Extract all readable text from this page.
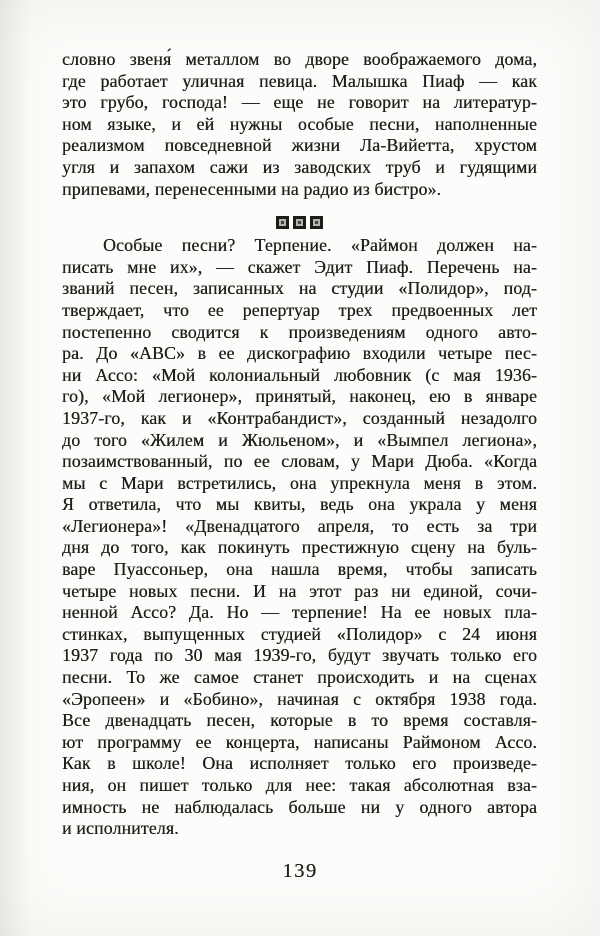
словно звеня́ металлом во дворе воображаемого дома,
где работает уличная певица. Малышка Пиаф — как
это грубо, господа! — еще не говорит на литератур-
ном языке, и ей нужны особые песни, наполненные
реализмом повседневной жизни Ла-Вийетта, хрустом
угля и запахом сажи из заводских труб и гудящими
припевами, перенесенными на радио из бистро».
Особые песни? Терпение. «Раймон должен на-
писать мне их», — скажет Эдит Пиаф. Перечень на-
званий песен, записанных на студии «Полидор», под-
тверждает, что ее репертуар трех предвоенных лет
постепенно сводится к произведениям одного авто-
ра. До «АВС» в ее дискографию входили четыре пес-
ни Ассо: «Мой колониальный любовник (с мая 1936-
го), «Мой легионер», принятый, наконец, ею в январе
1937-го, как и «Контрабандист», созданный незадолго
до того «Жилем и Жюльеном», и «Вымпел легиона»,
позаимствованный, по ее словам, у Мари Дюба. «Когда
мы с Мари встретились, она упрекнула меня в этом.
Я ответила, что мы квиты, ведь она украла у меня
«Легионера»! «Двенадцатого апреля, то есть за три
дня до того, как покинуть престижную сцену на буль-
варе Пуассоньер, она нашла время, чтобы записать
четыре новых песни. И на этот раз ни единой, сочи-
ненной Ассо? Да. Но — терпение! На ее новых пла-
стинках, выпущенных студией «Полидор» с 24 июня
1937 года по 30 мая 1939-го, будут звучать только его
песни. То же самое станет происходить и на сценах
«Эропеен» и «Бобино», начиная с октября 1938 года.
Все двенадцать песен, которые в то время составля-
ют программу ее концерта, написаны Раймоном Ассо.
Как в школе! Она исполняет только его произведе-
ния, он пишет только для нее: такая абсолютная вза-
имность не наблюдалась больше ни у одного автора
и исполнителя.
139
